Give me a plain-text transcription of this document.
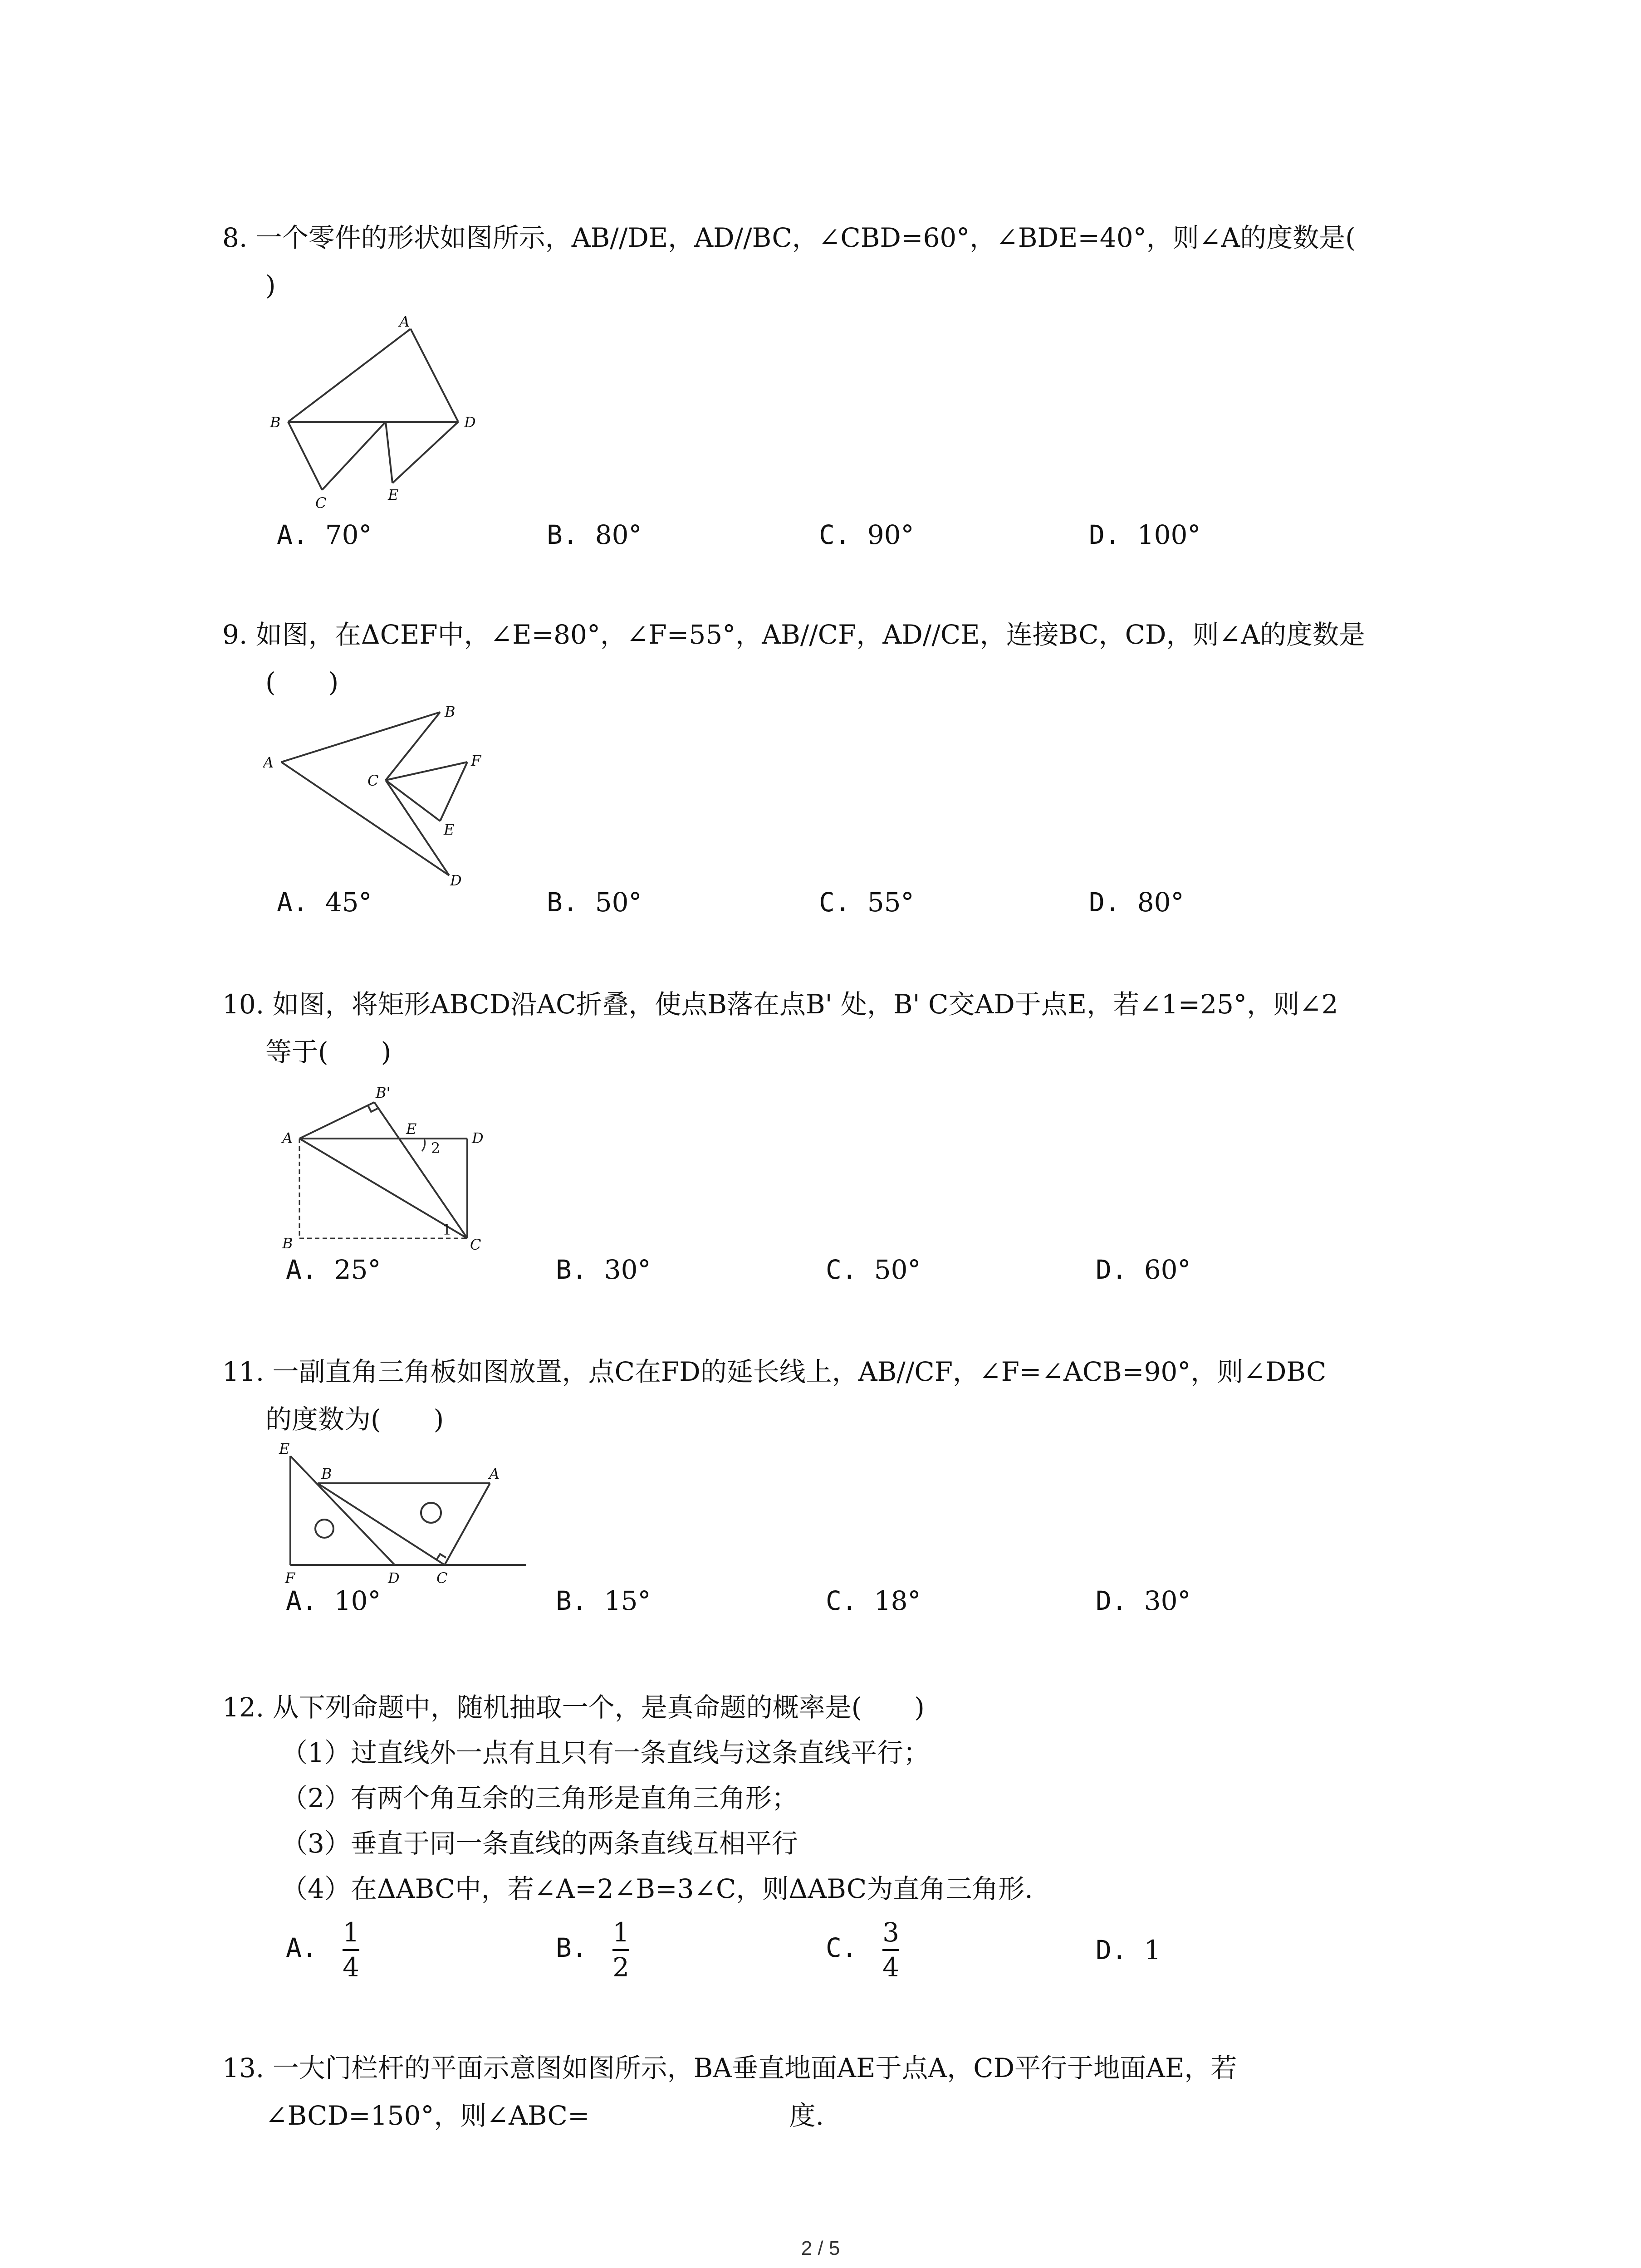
8. 一个零件的形状如图所示，AB//DE，AD//BC，∠CBD=60°，∠BDE=40°，则∠A的度数是(
)
A
B
C
D
E
A. 70°	B. 80°	C. 90°	D. 100°
9. 如图，在ΔCEF中，∠E=80°，∠F=55°，AB//CF，AD//CE，连接BC，CD，则∠A的度数是
(　　)
A
B
C
D
E
F
A. 45°	B. 50°	C. 55°	D. 80°
10. 如图，将矩形ABCD沿AC折叠，使点B落在点B' 处，B' C交AD于点E，若∠1=25°，则∠2
等于(　　)
B'
A
E
D
B	C
2
1
A. 25°	B. 30°	C. 50°	D. 60°
11. 一副直角三角板如图放置，点C在FD的延长线上，AB//CF，∠F=∠ACB=90°，则∠DBC
的度数为(　　)
E
B	A
F	D	C
A. 10°	B. 15°	C. 18°	D. 30°
12. 从下列命题中，随机抽取一个，是真命题的概率是(　　)
（1）过直线外一点有且只有一条直线与这条直线平行；
（2）有两个角互余的三角形是直角三角形；
（3）垂直于同一条直线的两条直线互相平行
（4）在ΔABC中，若∠A=2∠B=3∠C，则ΔABC为直角三角形.
A. $\frac{1}{4}$	B. $\frac{1}{2}$	C. $\frac{3}{4}$	D. 1
13. 一大门栏杆的平面示意图如图所示，BA垂直地面AE于点A，CD平行于地面AE，若
∠BCD=150°，则∠ABC=	度.
2 / 5
